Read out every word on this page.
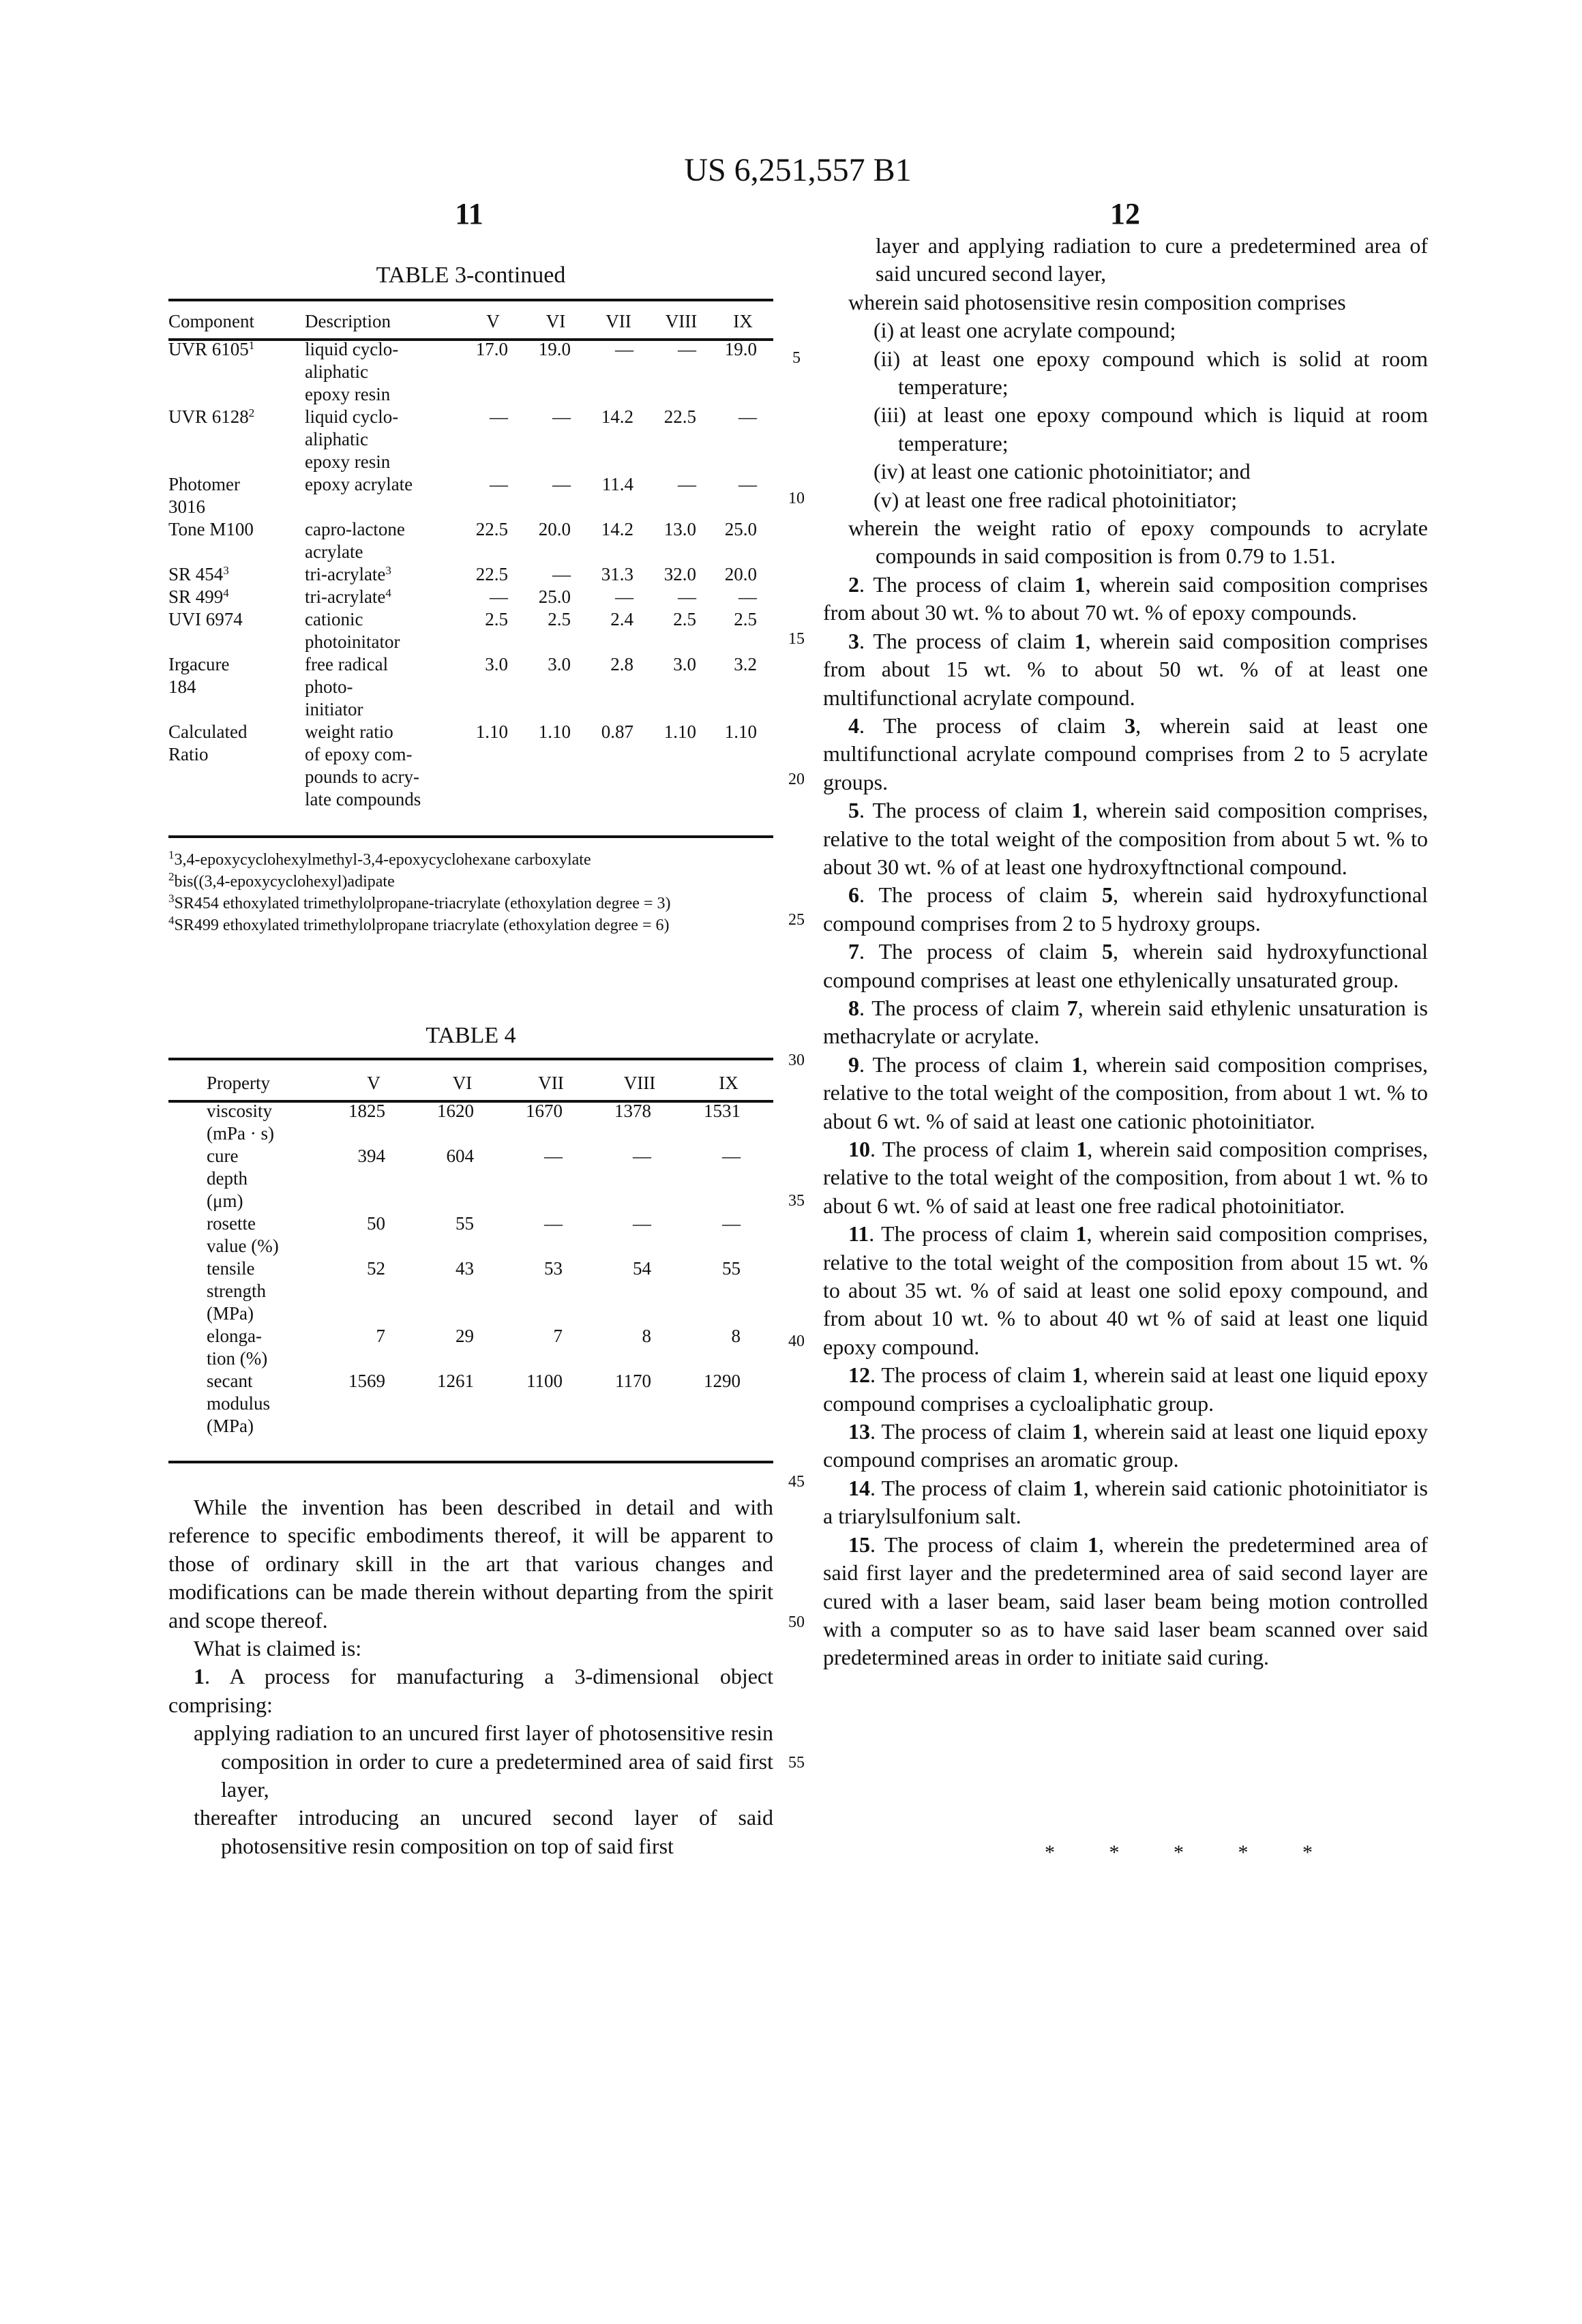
US 6,251,557 B1
11	12
TABLE 3-continued
Component	Description	V	VI	VII	VIII	IX
UVR 61051	liquid cyclo-
aliphatic
epoxy resin	17.0	19.0	—	—	19.0
UVR 61282	liquid cyclo-
aliphatic
epoxy resin	—	—	14.2	22.5	—
Photomer
3016	epoxy acrylate	—	—	11.4	—	—
Tone M100	capro-lactone
acrylate	22.5	20.0	14.2	13.0	25.0
SR 4543	tri-acrylate3	22.5	—	31.3	32.0	20.0
SR 4994	tri-acrylate4	—	25.0	—	—	—
UVI 6974	cationic
photoinitator	2.5	2.5	2.4	2.5	2.5
Irgacure
184	free radical
photo-
initiator	3.0	3.0	2.8	3.0	3.2
Calculated
Ratio	weight ratio
of epoxy com-
pounds to acry-
late compounds	1.10	1.10	0.87	1.10	1.10
13,4-epoxycyclohexylmethyl-3,4-epoxycyclohexane carboxylate
2bis((3,4-epoxycyclohexyl)adipate
3SR454 ethoxylated trimethylolpropane-triacrylate (ethoxylation degree = 3)
4SR499 ethoxylated trimethylolpropane triacrylate (ethoxylation degree = 6)
TABLE 4
Property	V	VI	VII	VIII	IX
viscosity
(mPa · s)	1825	1620	1670	1378	1531
cure
depth
(μm)	394	604	—	—	—
rosette
value (%)	50	55	—	—	—
tensile
strength
(MPa)	52	43	53	54	55
elonga-
tion (%)	7	29	7	8	8
secant
modulus
(MPa)	1569	1261	1100	1170	1290
While the invention has been described in detail and with reference to specific embodiments thereof, it will be apparent to those of ordinary skill in the art that various changes and modifications can be made therein without departing from the spirit and scope thereof.
What is claimed is:
1. A process for manufacturing a 3-dimensional object comprising:
applying radiation to an uncured first layer of photosensitive resin composition in order to cure a predetermined area of said first layer,
thereafter introducing an uncured second layer of said photosensitive resin composition on top of said first
5
10
15
20
25
30
35
40
45
50
55
layer and applying radiation to cure a predetermined area of said uncured second layer,
wherein said photosensitive resin composition comprises
(i) at least one acrylate compound;
(ii) at least one epoxy compound which is solid at room temperature;
(iii) at least one epoxy compound which is liquid at room temperature;
(iv) at least one cationic photoinitiator; and
(v) at least one free radical photoinitiator;
wherein the weight ratio of epoxy compounds to acrylate compounds in said composition is from 0.79 to 1.51.
2. The process of claim 1, wherein said composition comprises from about 30 wt. % to about 70 wt. % of epoxy compounds.
3. The process of claim 1, wherein said composition comprises from about 15 wt. % to about 50 wt. % of at least one multifunctional acrylate compound.
4. The process of claim 3, wherein said at least one multifunctional acrylate compound comprises from 2 to 5 acrylate groups.
5. The process of claim 1, wherein said composition comprises, relative to the total weight of the composition from about 5 wt. % to about 30 wt. % of at least one hydroxyftnctional compound.
6. The process of claim 5, wherein said hydroxyfunctional compound comprises from 2 to 5 hydroxy groups.
7. The process of claim 5, wherein said hydroxyfunctional compound comprises at least one ethylenically unsaturated group.
8. The process of claim 7, wherein said ethylenic unsaturation is methacrylate or acrylate.
9. The process of claim 1, wherein said composition comprises, relative to the total weight of the composition, from about 1 wt. % to about 6 wt. % of said at least one cationic photoinitiator.
10. The process of claim 1, wherein said composition comprises, relative to the total weight of the composition, from about 1 wt. % to about 6 wt. % of said at least one free radical photoinitiator.
11. The process of claim 1, wherein said composition comprises, relative to the total weight of the composition from about 15 wt. % to about 35 wt. % of said at least one solid epoxy compound, and from about 10 wt. % to about 40 wt % of said at least one liquid epoxy compound.
12. The process of claim 1, wherein said at least one liquid epoxy compound comprises a cycloaliphatic group.
13. The process of claim 1, wherein said at least one liquid epoxy compound comprises an aromatic group.
14. The process of claim 1, wherein said cationic photoinitiator is a triarylsulfonium salt.
15. The process of claim 1, wherein the predetermined area of said first layer and the predetermined area of said second layer are cured with a laser beam, said laser beam being motion controlled with a computer so as to have said laser beam scanned over said predetermined areas in order to initiate said curing.
* * * * *
